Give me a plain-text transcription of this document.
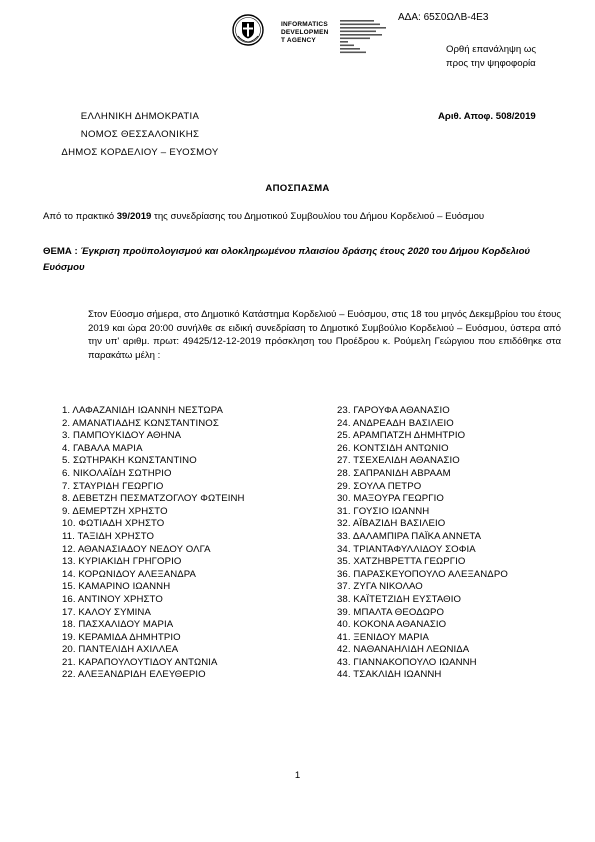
INFORMATICS
DEVELOPMEN
T AGENCY
ΑΔΑ: 65Σ0ΩΛΒ-4Ε3
Ορθή επανάληψη ως
προς την ψηφοφορία
ΕΛΛΗΝΙΚΗ ΔΗΜΟΚΡΑΤΙΑ
ΝΟΜΟΣ ΘΕΣΣΑΛΟΝΙΚΗΣ
ΔΗΜΟΣ ΚΟΡΔΕΛΙΟΥ – ΕΥΟΣΜΟΥ
Αριθ. Αποφ. 508/2019
ΑΠΟΣΠΑΣΜΑ
Από το πρακτικό 39/2019 της συνεδρίασης του Δημοτικού Συμβουλίου του Δήμου Κορδελιού – Ευόσμου
ΘΕΜΑ : Έγκριση προϋπολογισμού και ολοκληρωμένου πλαισίου δράσης έτους 2020 του Δήμου Κορδελιού Ευόσμου
Στον Εύοσμο σήμερα, στο Δημοτικό Κατάστημα Κορδελιού – Ευόσμου, στις 18 του μηνός Δεκεμβρίου του έτους 2019 και ώρα 20:00 συνήλθε σε ειδική συνεδρίαση το Δημοτικό Συμβούλιο Κορδελιού – Ευόσμου, ύστερα από την υπ' αριθμ. πρωτ: 49425/12-12-2019 πρόσκληση του Προέδρου κ. Ρούμελη Γεώργιου που επιδόθηκε στα παρακάτω μέλη :
1. ΛΑΦΑΖΑΝΙΔΗ ΙΩΑΝΝΗ ΝΕΣΤΩΡΑ
2. ΑΜΑΝΑΤΙΑΔΗΣ ΚΩΝΣΤΑΝΤΙΝΟΣ
3. ΠΑΜΠΟΥΚΙΔΟΥ ΑΘΗΝΑ
4. ΓΑΒΑΛΑ ΜΑΡΙΑ
5. ΣΩΤΗΡΑΚΗ ΚΩΝΣΤΑΝΤΙΝΟ
6. ΝΙΚΟΛΑΪΔΗ ΣΩΤΗΡΙΟ
7. ΣΤΑΥΡΙΔΗ ΓΕΩΡΓΙΟ
8. ΔΕΒΕΤΖΗ ΠΕΣΜΑΤΖΟΓΛΟΥ ΦΩΤΕΙΝΗ
9. ΔΕΜΕΡΤΖΗ ΧΡΗΣΤΟ
10. ΦΩΤΙΑΔΗ ΧΡΗΣΤΟ
11. ΤΑΞΙΔΗ ΧΡΗΣΤΟ
12. ΑΘΑΝΑΣΙΑΔΟΥ ΝΕΔΟΥ ΟΛΓΑ
13. ΚΥΡΙΑΚΙΔΗ ΓΡΗΓΟΡΙΟ
14. ΚΟΡΩΝΙΔΟΥ ΑΛΕΞΑΝΔΡΑ
15. ΚΑΜΑΡΙΝΟ ΙΩΑΝΝΗ
16. ΑΝΤΙΝΟΥ ΧΡΗΣΤΟ
17. ΚΑΛΟΥ ΣΥΜΙΝΑ
18. ΠΑΣΧΑΛΙΔΟΥ ΜΑΡΙΑ
19. ΚΕΡΑΜΙΔΑ ΔΗΜΗΤΡΙΟ
20. ΠΑΝΤΕΛΙΔΗ ΑΧΙΛΛΕΑ
21. ΚΑΡΑΠΟΥΛΟΥΤΙΔΟΥ ΑΝΤΩΝΙΑ
22. ΑΛΕΞΑΝΔΡΙΔΗ ΕΛΕΥΘΕΡΙΟ
23. ΓΑΡΟΥΦΑ ΑΘΑΝΑΣΙΟ
24. ΑΝΔΡΕΑΔΗ ΒΑΣΙΛΕΙΟ
25. ΑΡΑΜΠΑΤΖΗ ΔΗΜΗΤΡΙΟ
26. ΚΟΝΤΣΙΔΗ ΑΝΤΩΝΙΟ
27. ΤΣΕΧΕΛΙΔΗ ΑΘΑΝΑΣΙΟ
28. ΣΑΠΡΑΝΙΔΗ ΑΒΡΑΑΜ
29. ΣΟΥΛΑ ΠΕΤΡΟ
30. ΜΑΞΟΥΡΑ ΓΕΩΡΓΙΟ
31. ΓΟΥΣΙΟ ΙΩΑΝΝΗ
32. ΑΪΒΑΖΙΔΗ ΒΑΣΙΛΕΙΟ
33. ΔΑΛΑΜΠΙΡΑ ΠΑΪΚΑ ΑΝΝΕΤΑ
34. ΤΡΙΑΝΤΑΦΥΛΛΙΔΟΥ ΣΟΦΙΑ
35. ΧΑΤΖΗΒΡΕΤΤΑ ΓΕΩΡΓΙΟ
36. ΠΑΡΑΣΚΕΥΟΠΟΥΛΟ ΑΛΕΞΑΝΔΡΟ
37. ΖΥΓΑ ΝΙΚΟΛΑΟ
38. ΚΑΪΤΕΤΖΙΔΗ ΕΥΣΤΑΘΙΟ
39. ΜΠΑΛΤΑ ΘΕΟΔΩΡΟ
40. ΚΟΚΟΝΑ ΑΘΑΝΑΣΙΟ
41. ΞΕΝΙΔΟΥ ΜΑΡΙΑ
42. ΝΑΘΑΝΑΗΛΙΔΗ ΛΕΩΝΙΔΑ
43. ΓΙΑΝΝΑΚΟΠΟΥΛΟ ΙΩΑΝΝΗ
44. ΤΣΑΚΛΙΔΗ ΙΩΑΝΝΗ
1
